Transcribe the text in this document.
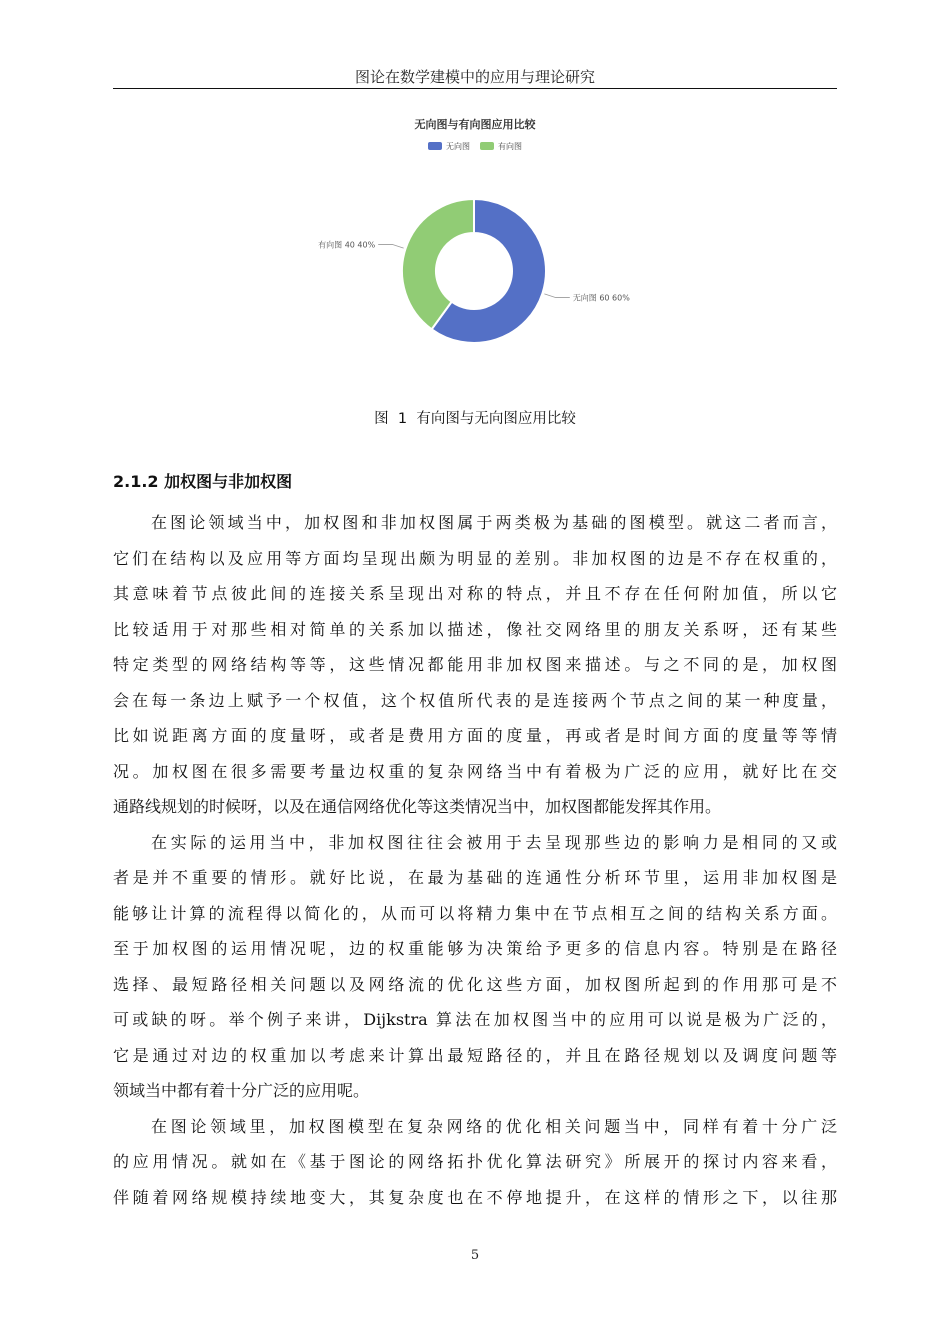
图论在数学建模中的应用与理论研究
无向图与有向图应用比较
无向图	有向图
无向图 60 60%
有向图 40 40%
图  1  有向图与无向图应用比较
2.1.2 加权图与非加权图
在图论领域当中，加权图和非加权图属于两类极为基础的图模型。就这二者而言，
它们在结构以及应用等方面均呈现出颇为明显的差别。非加权图的边是不存在权重的，
其意味着节点彼此间的连接关系呈现出对称的特点，并且不存在任何附加值，所以它
比较适用于对那些相对简单的关系加以描述，像社交网络里的朋友关系呀，还有某些
特定类型的网络结构等等，这些情况都能用非加权图来描述。与之不同的是，加权图
会在每一条边上赋予一个权值，这个权值所代表的是连接两个节点之间的某一种度量，
比如说距离方面的度量呀，或者是费用方面的度量，再或者是时间方面的度量等等情
况。加权图在很多需要考量边权重的复杂网络当中有着极为广泛的应用，就好比在交
通路线规划的时候呀，以及在通信网络优化等这类情况当中，加权图都能发挥其作用。
在实际的运用当中，非加权图往往会被用于去呈现那些边的影响力是相同的又或
者是并不重要的情形。就好比说，在最为基础的连通性分析环节里，运用非加权图是
能够让计算的流程得以简化的，从而可以将精力集中在节点相互之间的结构关系方面。
至于加权图的运用情况呢，边的权重能够为决策给予更多的信息内容。特别是在路径
选择、最短路径相关问题以及网络流的优化这些方面，加权图所起到的作用那可是不
可或缺的呀。举个例子来讲，Dijkstra 算法在加权图当中的应用可以说是极为广泛的，
它是通过对边的权重加以考虑来计算出最短路径的，并且在路径规划以及调度问题等
领域当中都有着十分广泛的应用呢。
在图论领域里，加权图模型在复杂网络的优化相关问题当中，同样有着十分广泛
的应用情况。就如在《基于图论的网络拓扑优化算法研究》所展开的探讨内容来看，
伴随着网络规模持续地变大，其复杂度也在不停地提升，在这样的情形之下，以往那
5
